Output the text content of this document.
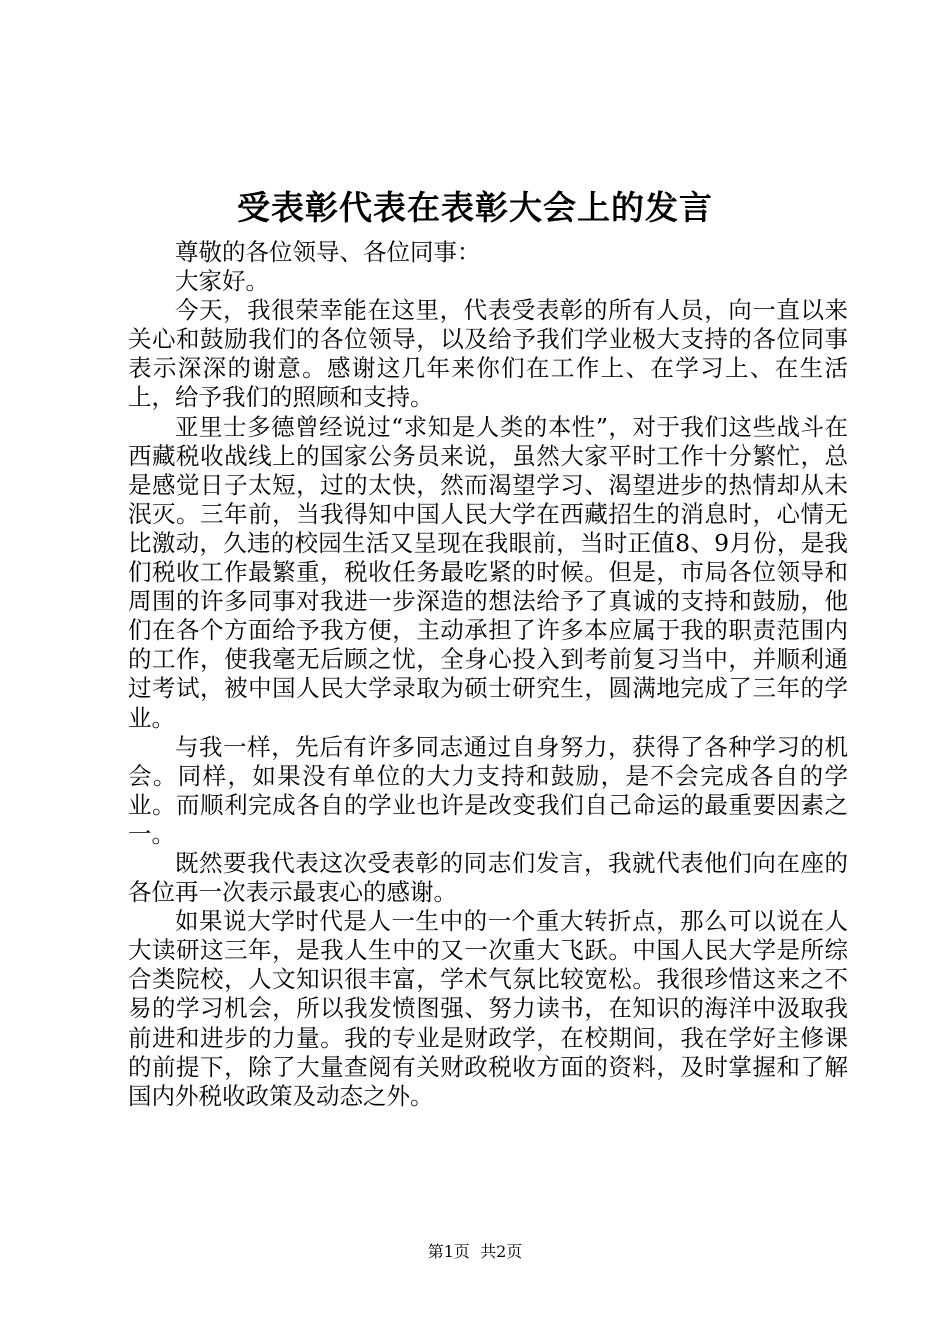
受表彰代表在表彰大会上的发言

尊敬的各位领导、各位同事：

大家好。

今天，我很荣幸能在这里，代表受表彰的所有人员，向一直以来关心和鼓励我们的各位领导，以及给予我们学业极大支持的各位同事表示深深的谢意。感谢这几年来你们在工作上、在学习上、在生活上，给予我们的照顾和支持。

亚里士多德曾经说过“求知是人类的本性”，对于我们这些战斗在西藏税收战线上的国家公务员来说，虽然大家平时工作十分繁忙，总是感觉日子太短，过的太快，然而渴望学习、渴望进步的热情却从未泯灭。三年前，当我得知中国人民大学在西藏招生的消息时，心情无比激动，久违的校园生活又呈现在我眼前，当时正值8、9月份，是我们税收工作最繁重，税收任务最吃紧的时候。但是，市局各位领导和周围的许多同事对我进一步深造的想法给予了真诚的支持和鼓励，他们在各个方面给予我方便，主动承担了许多本应属于我的职责范围内的工作，使我毫无后顾之忧，全身心投入到考前复习当中，并顺利通过考试，被中国人民大学录取为硕士研究生，圆满地完成了三年的学业。

与我一样，先后有许多同志通过自身努力，获得了各种学习的机会。同样，如果没有单位的大力支持和鼓励，是不会完成各自的学业。而顺利完成各自的学业也许是改变我们自己命运的最重要因素之一。

既然要我代表这次受表彰的同志们发言，我就代表他们向在座的各位再一次表示最衷心的感谢。

如果说大学时代是人一生中的一个重大转折点，那么可以说在人大读研这三年，是我人生中的又一次重大飞跃。中国人民大学是所综合类院校，人文知识很丰富，学术气氛比较宽松。我很珍惜这来之不易的学习机会，所以我发愤图强、努力读书，在知识的海洋中汲取我前进和进步的力量。我的专业是财政学，在校期间，我在学好主修课的前提下，除了大量查阅有关财政税收方面的资料，及时掌握和了解国内外税收政策及动态之外。

第1页 共2页
